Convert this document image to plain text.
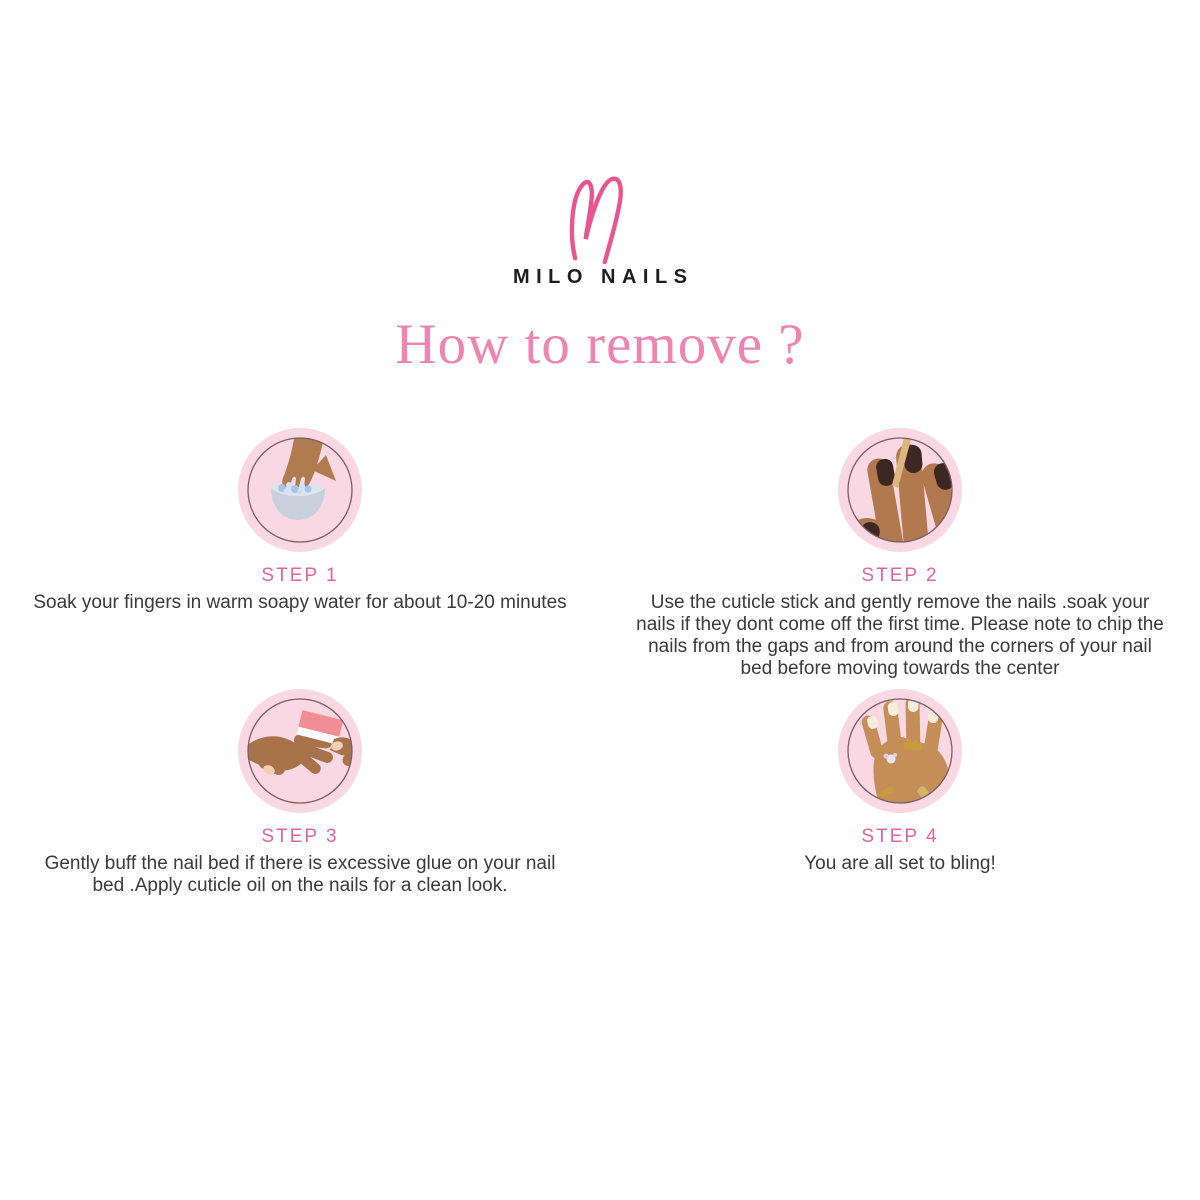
MILO NAILS
How to remove ?
STEP 1

Soak your fingers in warm soapy water for about 10-20 minutes

STEP 2

Use the cuticle stick and gently remove the nails .soak your nails if they dont come off the first time. Please note to chip the nails from the gaps and from around the corners of your nail bed before moving towards the center

STEP 3

Gently buff the nail bed if there is excessive glue on your nail bed .Apply cuticle oil on the nails for a clean look.

STEP 4

You are all set to bling!
